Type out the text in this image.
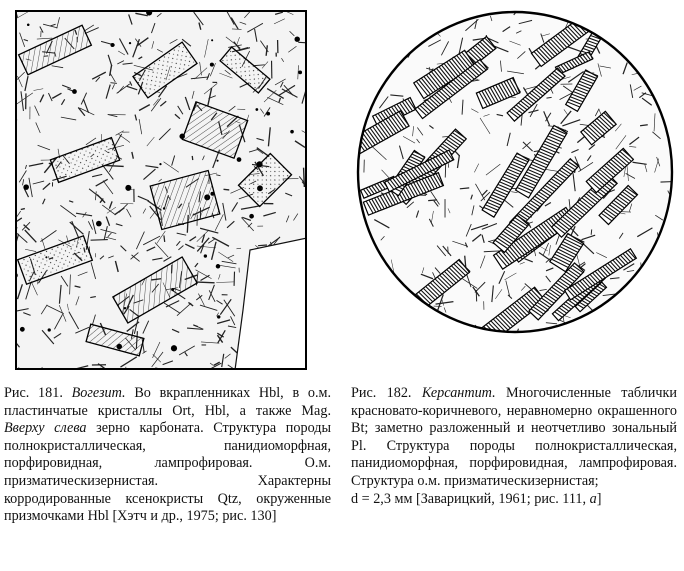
Рис. 181. Вогезит. Во вкрапленниках Hbl, в о.м. пластинчатые кристаллы Ort, Hbl, а также Mag. Вверху слева зерно карбоната. Структура породы полнокристаллическая, панидиоморфная, порфировидная, лампрофировая. О.м. призматическизернистая. Характерны корродированные ксенокристы Qtz, окруженные призмочками Hbl [Хэтч и др., 1975; рис. 130]

Рис. 182. Керсантит. Многочисленные таблички красновато-коричневого, неравномерно окрашенного Bt; заметно разложенный и неотчетливо зональный Pl. Структура породы полнокристаллическая, панидиоморфная, порфировидная, лампрофировая. Структура о.м. призматическизернистая;
d = 2,3 мм [Заварицкий, 1961; рис. 111, а]
